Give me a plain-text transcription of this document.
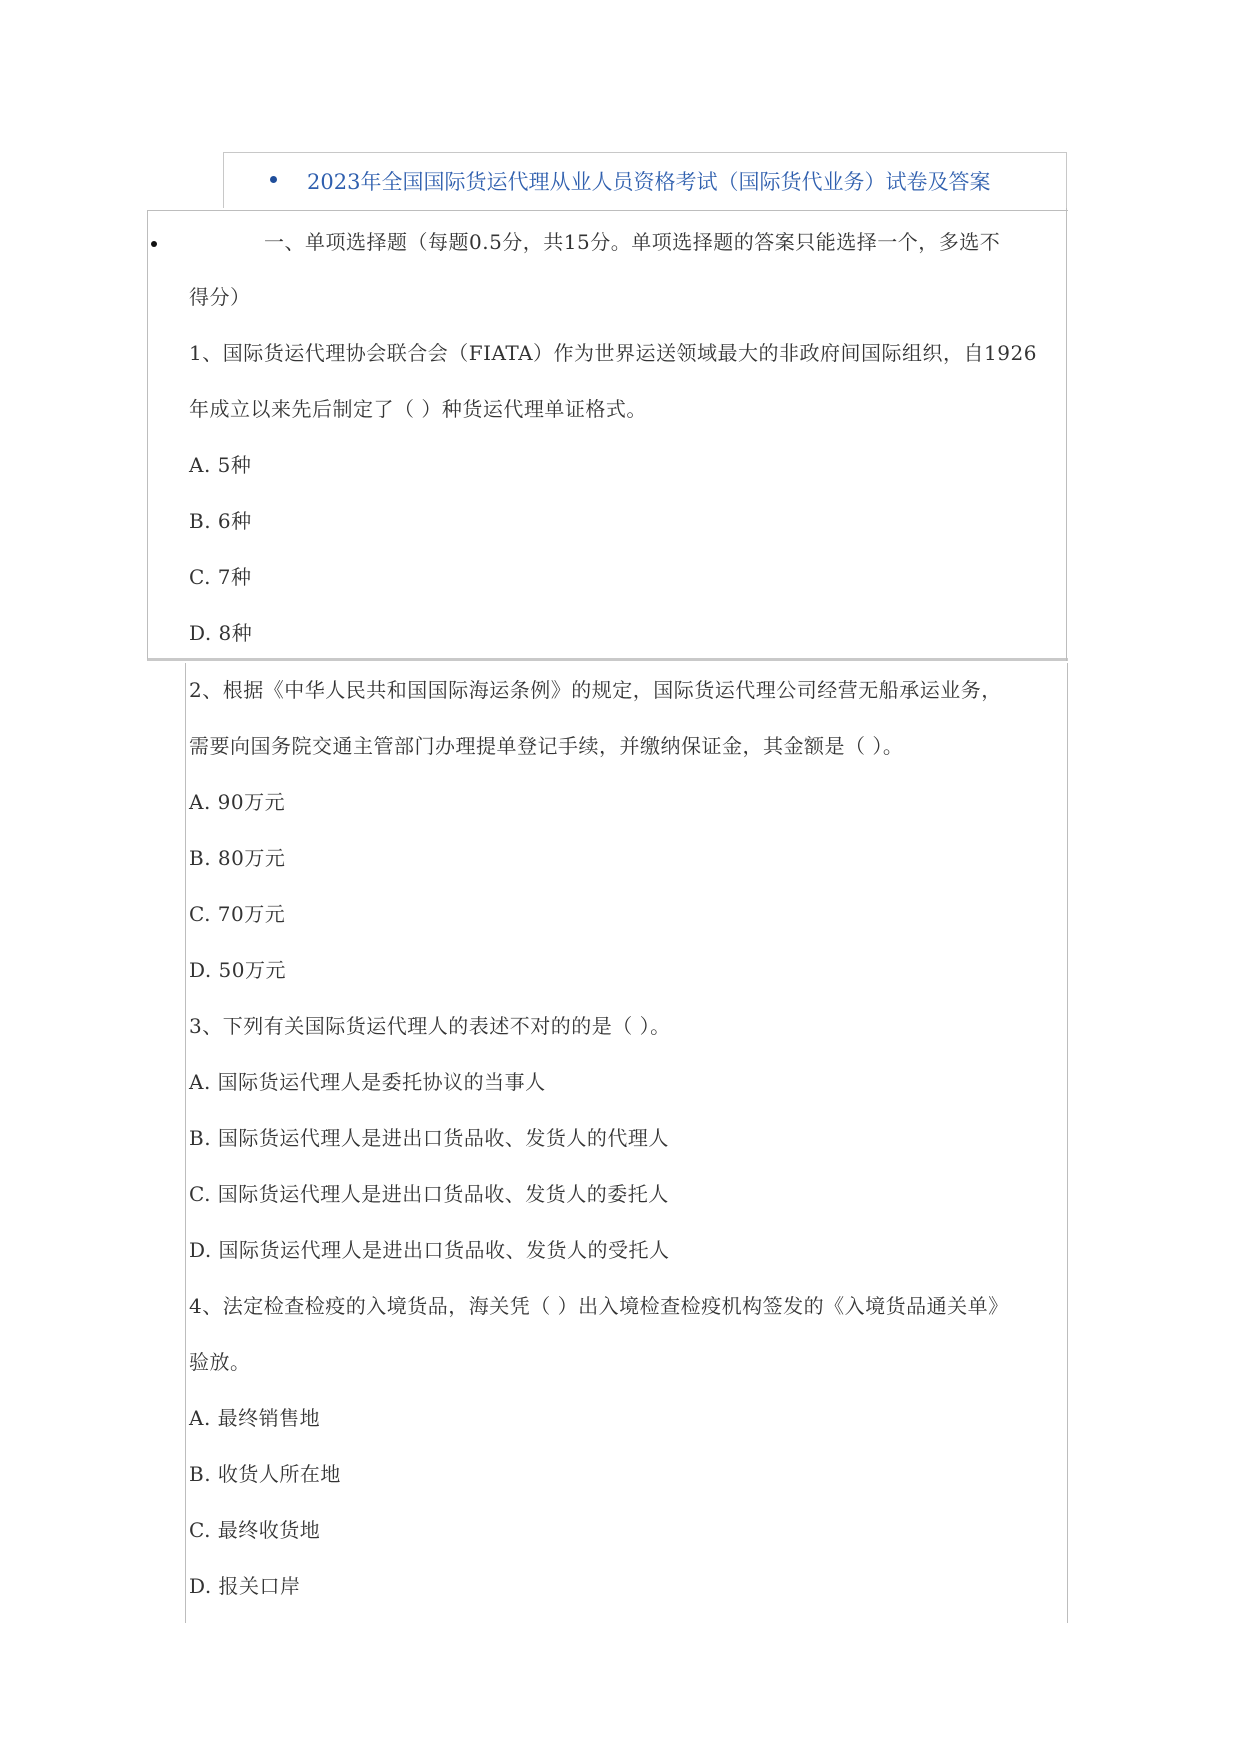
2023年全国国际货运代理从业人员资格考试（国际货代业务）试卷及答案
一、单项选择题（每题0.5分，共15分。单项选择题的答案只能选择一个，多选不
得分）
1、国际货运代理协会联合会（FIATA）作为世界运送领域最大的非政府间国际组织，自1926
年成立以来先后制定了（ ）种货运代理单证格式。
A. 5种
B. 6种
C. 7种
D. 8种
2、根据《中华人民共和国国际海运条例》的规定，国际货运代理公司经营无船承运业务，
需要向国务院交通主管部门办理提单登记手续，并缴纳保证金，其金额是（ ）。
A. 90万元
B. 80万元
C. 70万元
D. 50万元
3、下列有关国际货运代理人的表述不对的的是（ ）。
A. 国际货运代理人是委托协议的当事人
B. 国际货运代理人是进出口货品收、发货人的代理人
C. 国际货运代理人是进出口货品收、发货人的委托人
D. 国际货运代理人是进出口货品收、发货人的受托人
4、法定检查检疫的入境货品，海关凭（ ）出入境检查检疫机构签发的《入境货品通关单》
验放。
A. 最终销售地
B. 收货人所在地
C. 最终收货地
D. 报关口岸
